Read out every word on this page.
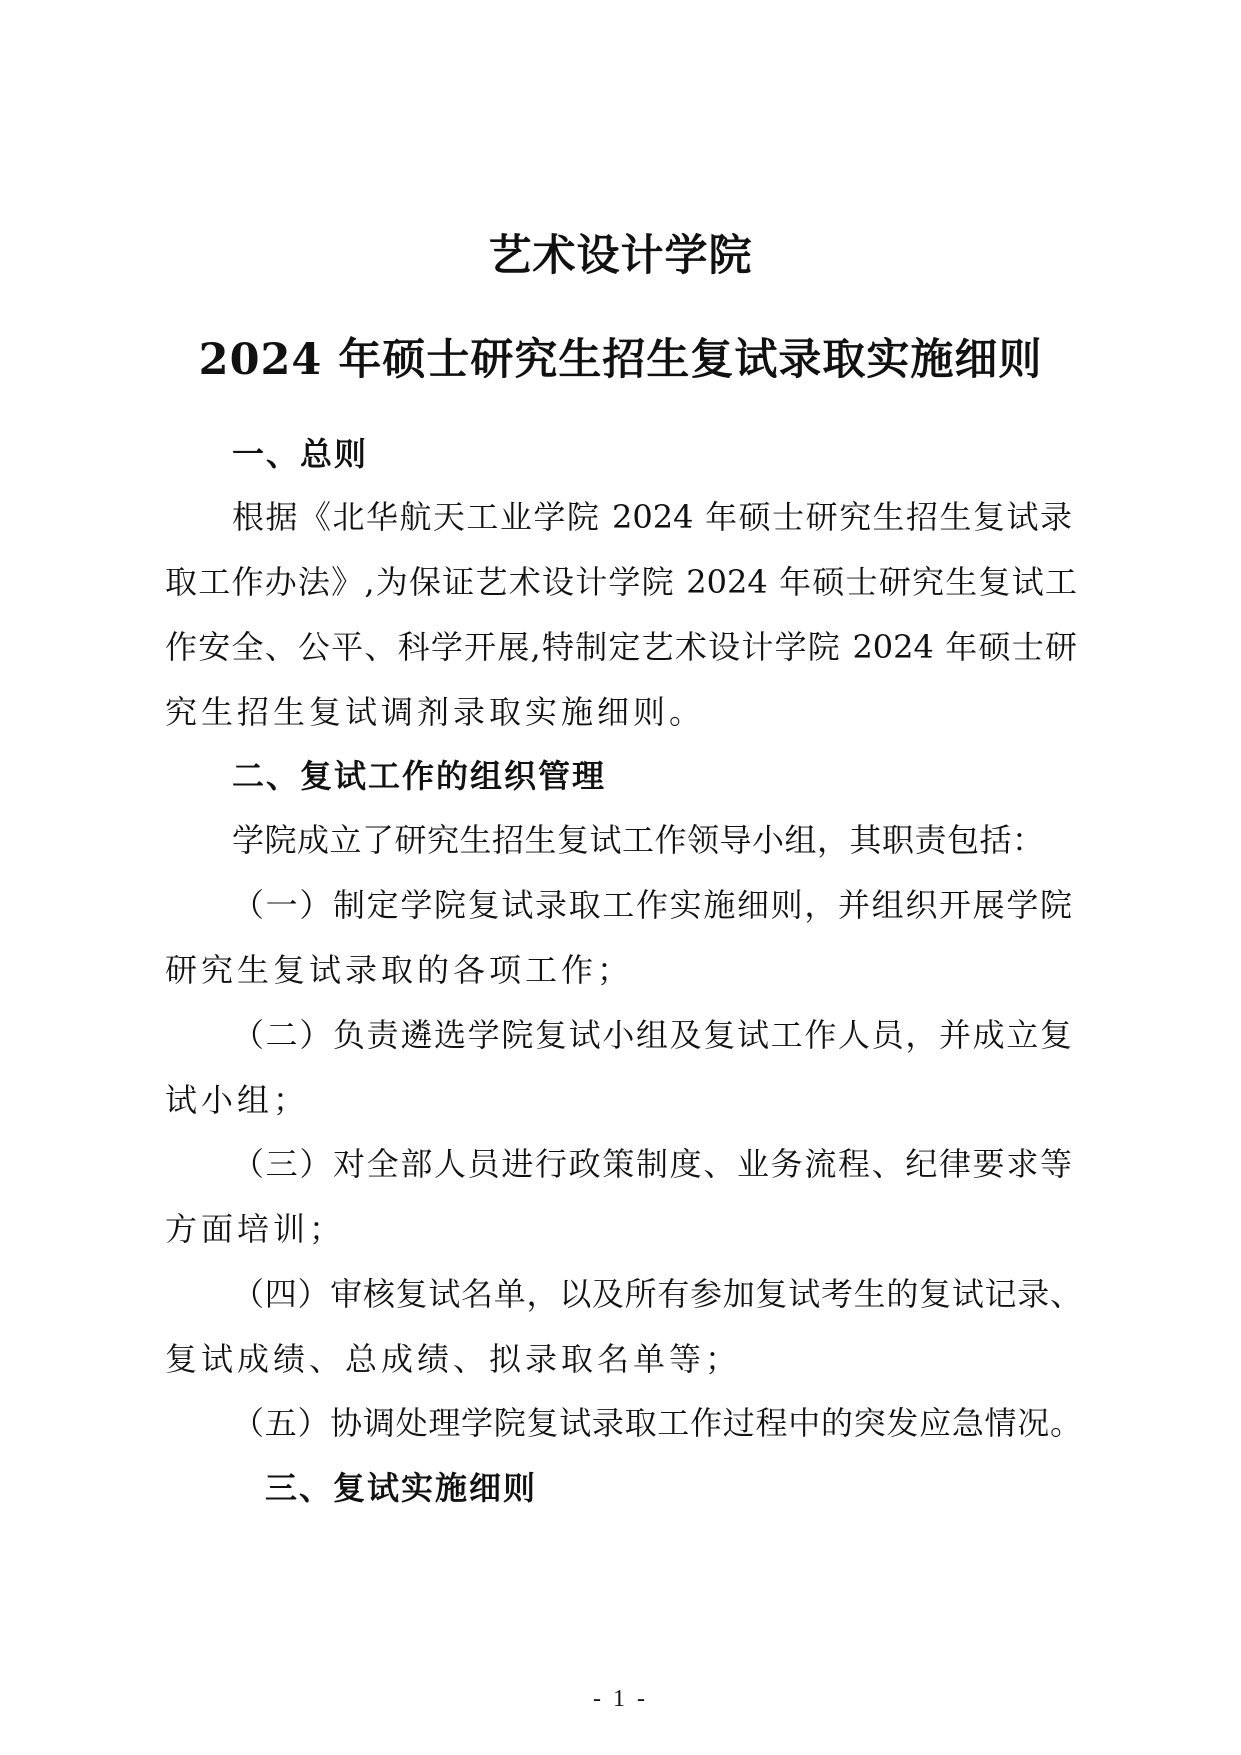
艺术设计学院
2024 年硕士研究生招生复试录取实施细则
一、总则
根据《北华航天工业学院 2024 年硕士研究生招生复试录
取工作办法》,为保证艺术设计学院 2024 年硕士研究生复试工
作安全、公平、科学开展,特制定艺术设计学院 2024 年硕士研
究生招生复试调剂录取实施细则。
二、复试工作的组织管理
学院成立了研究生招生复试工作领导小组，其职责包括：
（一）制定学院复试录取工作实施细则，并组织开展学院
研究生复试录取的各项工作；
（二）负责遴选学院复试小组及复试工作人员，并成立复
试小组；
（三）对全部人员进行政策制度、业务流程、纪律要求等
方面培训；
（四）审核复试名单，以及所有参加复试考生的复试记录、
复试成绩、总成绩、拟录取名单等；
（五）协调处理学院复试录取工作过程中的突发应急情况。
三、复试实施细则
- 1 -
